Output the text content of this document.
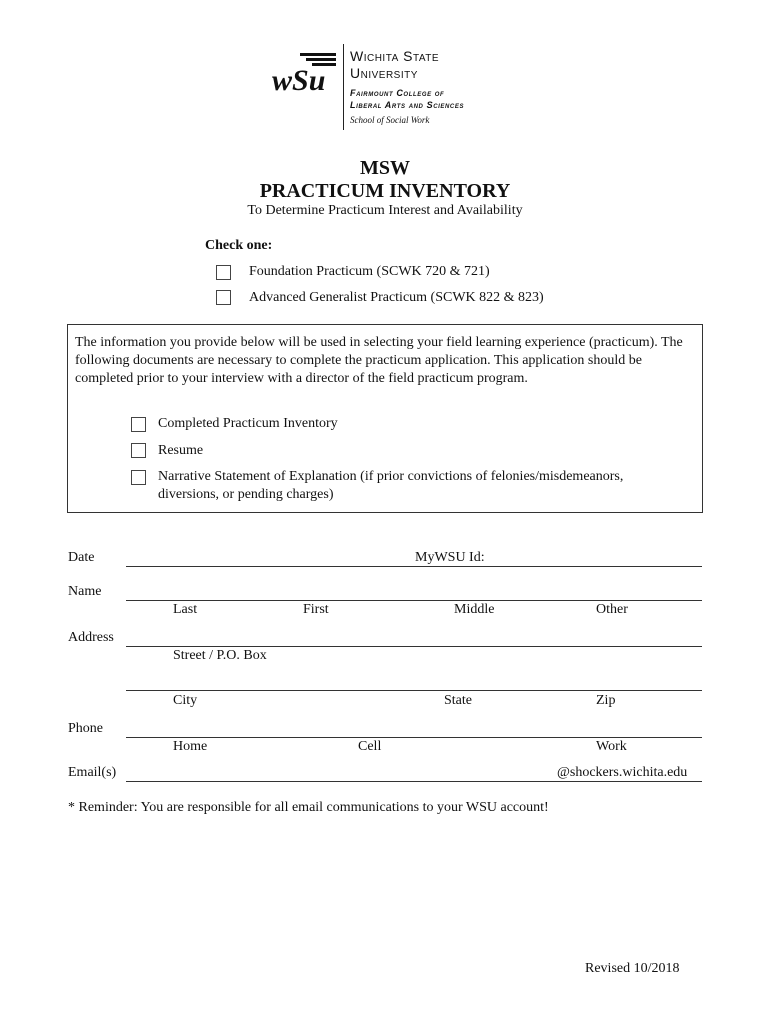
wSu
Wichita State University
Fairmount College of
Liberal Arts and Sciences
School of Social Work
MSW
PRACTICUM INVENTORY
To Determine Practicum Interest and Availability
Check one:
Foundation Practicum (SCWK 720 & 721)
Advanced Generalist Practicum (SCWK 822 & 823)
The information you provide below will be used in selecting your field learning experience (practicum). The following documents are necessary to complete the practicum application. This application should be completed prior to your interview with a director of the field practicum program.
Completed Practicum Inventory
Resume
Narrative Statement of Explanation (if prior convictions of felonies/misdemeanors,
diversions, or pending charges)
Date	MyWSU Id:
Name
Last	First	Middle	Other
Address
Street / P.O. Box
City	State	Zip
Phone
Home	Cell	Work
Email(s)	@shockers.wichita.edu
* Reminder: You are responsible for all email communications to your WSU account!
Revised 10/2018
